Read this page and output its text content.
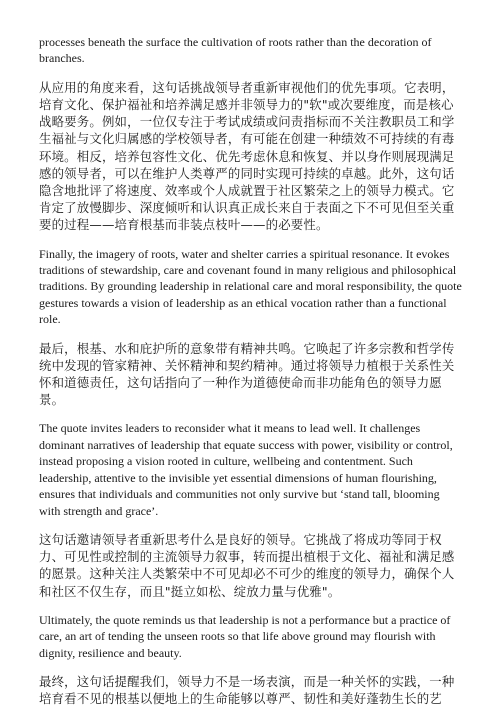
processes beneath the surface the cultivation of roots rather than the decoration of branches.

从应用的角度来看，这句话挑战领导者重新审视他们的优先事项。它表明，培育文化、保护福祉和培养满足感并非领导力的"软"或次要维度，而是核心战略要务。例如，一位仅专注于考试成绩或问责指标而不关注教职员工和学生福祉与文化归属感的学校领导者，有可能在创建一种绩效不可持续的有毒环境。相反，培养包容性文化、优先考虑休息和恢复、并以身作则展现满足感的领导者，可以在维护人类尊严的同时实现可持续的卓越。此外，这句话隐含地批评了将速度、效率或个人成就置于社区繁荣之上的领导力模式。它肯定了放慢脚步、深度倾听和认识真正成长来自于表面之下不可见但至关重要的过程——培育根基而非装点枝叶——的必要性。

Finally, the imagery of roots, water and shelter carries a spiritual resonance. It evokes traditions of stewardship, care and covenant found in many religious and philosophical traditions. By grounding leadership in relational care and moral responsibility, the quote gestures towards a vision of leadership as an ethical vocation rather than a functional role.

最后，根基、水和庇护所的意象带有精神共鸣。它唤起了许多宗教和哲学传统中发现的管家精神、关怀精神和契约精神。通过将领导力植根于关系性关怀和道德责任，这句话指向了一种作为道德使命而非功能角色的领导力愿景。

The quote invites leaders to reconsider what it means to lead well. It challenges dominant narratives of leadership that equate success with power, visibility or control, instead proposing a vision rooted in culture, wellbeing and contentment. Such leadership, attentive to the invisible yet essential dimensions of human flourishing, ensures that individuals and communities not only survive but ‘stand tall, blooming with strength and grace’.

这句话邀请领导者重新思考什么是良好的领导。它挑战了将成功等同于权力、可见性或控制的主流领导力叙事，转而提出植根于文化、福祉和满足感的愿景。这种关注人类繁荣中不可见却必不可少的维度的领导力，确保个人和社区不仅生存，而且"挺立如松、绽放力量与优雅"。

Ultimately, the quote reminds us that leadership is not a performance but a practice of care, an art of tending the unseen roots so that life above ground may flourish with dignity, resilience and beauty.

最终，这句话提醒我们，领导力不是一场表演，而是一种关怀的实践，一种培育看不见的根基以便地上的生命能够以尊严、韧性和美好蓬勃生长的艺
